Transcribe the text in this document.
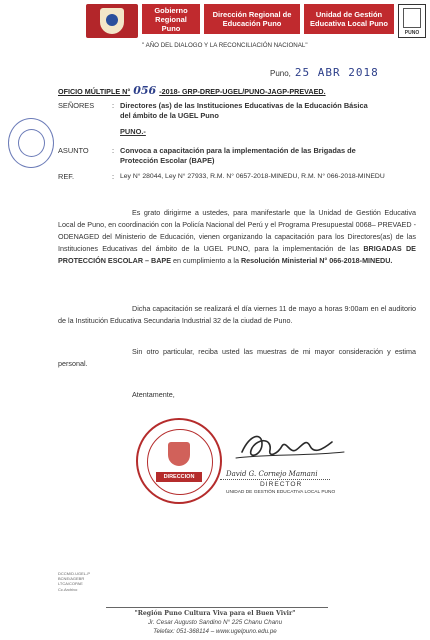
Gobierno Regional Puno
Dirección Regional de Educación Puno
Unidad de Gestión Educativa Local Puno
PUNO
" AÑO DEL DIALOGO Y LA RECONCILIACIÓN NACIONAL"
Puno, 25 ABR 2018
OFICIO MÚLTIPLE N° 056 -2018- GRP-DREP-UGEL/PUNO-JAGP-PREVAED.
SEÑORES : Directores (as) de las Instituciones Educativas de la Educación Básica
del ámbito de la UGEL Puno
PUNO.-
ASUNTO	: Convoca a capacitación para la implementación de las Brigadas de
Protección Escolar (BAPE)
REF.	: Ley N° 28044, Ley N° 27933, R.M. N° 0657-2018-MINEDU, R.M. N° 066-2018-MINEDU
Es grato dirigirme a ustedes, para manifestarle que la Unidad de Gestión Educativa Local de Puno, en coordinación con la Policía Nacional del Perú y el Programa Presupuestal 0068– PREVAED - ODENAGED del Ministerio de Educación, vienen organizando la capacitación para los Directores(as) de las Instituciones Educativas del ámbito de la UGEL PUNO, para la implementación de las BRIGADAS DE PROTECCIÓN ESCOLAR – BAPE en cumplimiento a la Resolución Ministerial N° 066-2018-MINEDU.
Dicha capacitación se realizará el día viernes 11 de mayo a horas 9:00am en el auditorio de la Institución Educativa Secundaria Industrial 32 de la ciudad de Puno.
Sin otro particular, reciba usted las muestras de mi mayor consideración y estima personal.
Atentamente,
DIRECCION	David G. Cornejo Mamani
DIRECTOR
UNIDAD DE GESTIÓN EDUCATIVA LOCAL PUNO
DCCM/D.UGEL-P
BCNE/AGEBR
LTCA/COPAE
Cc.Archivo
"Región Puno Cultura Viva para el Buen Vivir"
Jr. Cesar Augusto Sandino N° 225 Chanu Chanu
Telefax: 051-368114 – www.ugelpuno.edu.pe
